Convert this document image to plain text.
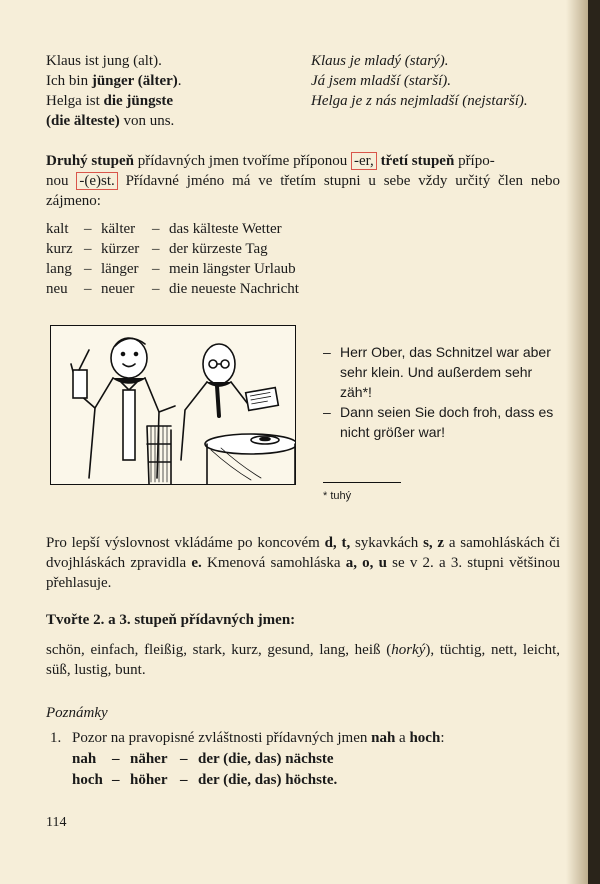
Klaus ist jung (alt).
Ich bin jünger (älter).
Helga ist die jüngste
(die älteste) von uns.
Klaus je mladý (starý).
Já jsem mladší (starší).
Helga je z nás nejmladší (nejstarší).
Druhý stupeň přídavných jmen tvoříme příponou -er, třetí stupeň přípo-
nou -(e)st. Přídavné jméno má ve třetím stupni u sebe vždy určitý člen nebo zájmeno:
kalt – kälter – das kälteste Wetter
kurz – kürzer – der kürzeste Tag
lang – länger – mein längster Urlaub
neu – neuer – die neueste Nachricht
– Herr Ober, das Schnitzel war aber sehr klein. Und außerdem sehr zäh*!
– Dann seien Sie doch froh, dass es nicht größer war!
* tuhý
Pro lepší výslovnost vkládáme po koncovém d, t, sykavkách s, z a samohláskách či dvojhláskách zpravidla e. Kmenová samohláska a, o, u se v 2. a 3. stupni většinou přehlasuje.
Tvořte 2. a 3. stupeň přídavných jmen:
schön, einfach, fleißig, stark, kurz, gesund, lang, heiß (horký), tüchtig, nett, leicht, süß, lustig, bunt.
Poznámky
1. Pozor na pravopisné zvláštnosti přídavných jmen nah a hoch:
nah – näher – der (die, das) nächste
hoch – höher – der (die, das) höchste.
114
